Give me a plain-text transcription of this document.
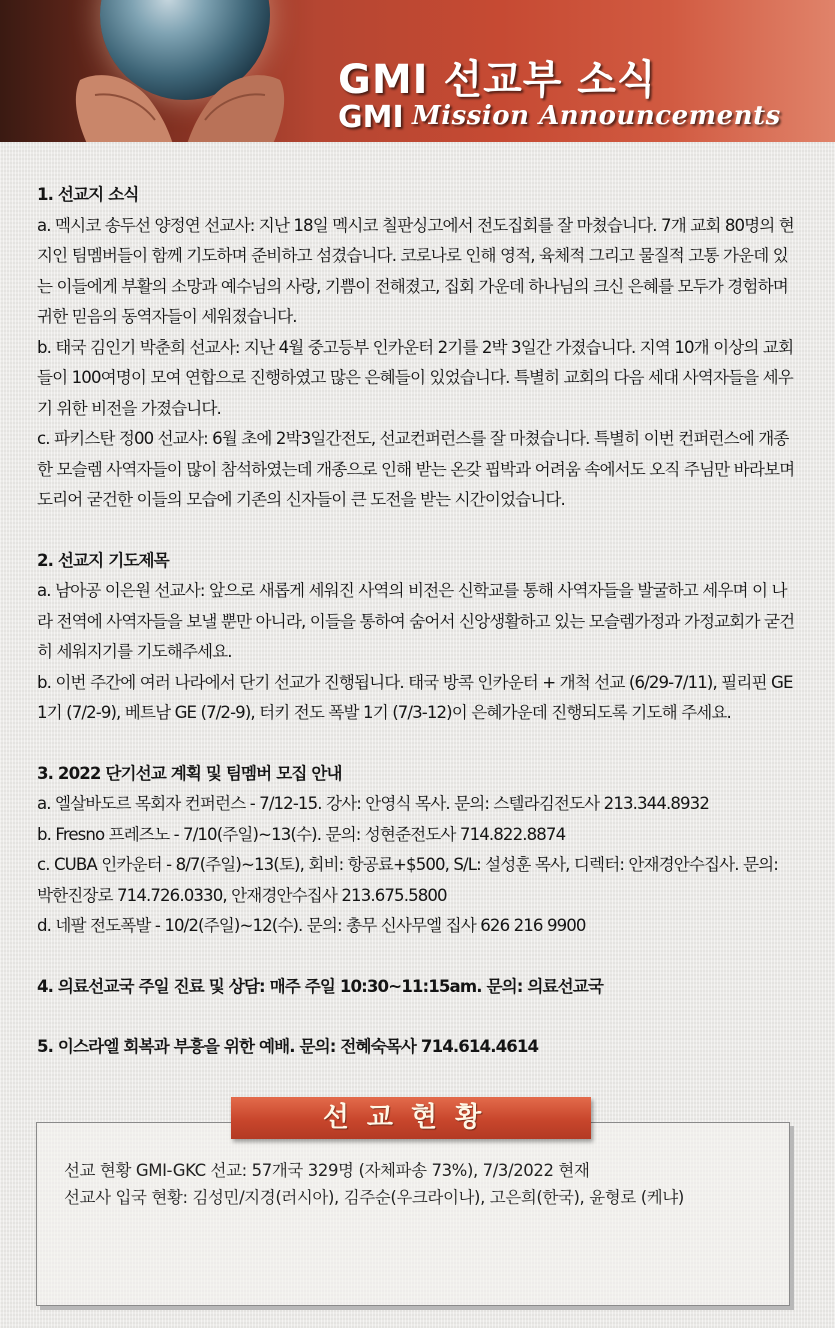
GMI 선교부 소식
GMI Mission Announcements
1. 선교지 소식

a. 멕시코 송두선 양정연 선교사: 지난 18일 멕시코 칠판싱고에서 전도집회를 잘 마쳤습니다. 7개 교회 80명의 현지인 팀멤버들이 함께 기도하며 준비하고 섬겼습니다. 코로나로 인해 영적, 육체적 그리고 물질적 고통 가운데 있는 이들에게 부활의 소망과 예수님의 사랑, 기쁨이 전해졌고, 집회 가운데 하나님의 크신 은혜를 모두가 경험하며 귀한 믿음의 동역자들이 세워졌습니다.

b. 태국 김인기 박춘희 선교사: 지난 4월 중고등부 인카운터 2기를 2박 3일간 가졌습니다. 지역 10개 이상의 교회들이 100여명이 모여 연합으로 진행하였고 많은 은혜들이 있었습니다. 특별히 교회의 다음 세대 사역자들을 세우기 위한 비전을 가졌습니다.

c. 파키스탄 정00 선교사: 6월 초에 2박3일간전도, 선교컨퍼런스를 잘 마쳤습니다. 특별히 이번 컨퍼런스에 개종한 모슬렘 사역자들이 많이 참석하였는데 개종으로 인해 받는 온갖 핍박과 어려움 속에서도 오직 주님만 바라보며 도리어 굳건한 이들의 모습에 기존의 신자들이 큰 도전을 받는 시간이었습니다.

2. 선교지 기도제목

a. 남아공 이은원 선교사: 앞으로 새롭게 세워진 사역의 비전은 신학교를 통해 사역자들을 발굴하고 세우며 이 나라 전역에 사역자들을 보낼 뿐만 아니라, 이들을 통하여 숨어서 신앙생활하고 있는 모슬렘가정과 가정교회가 굳건히 세워지기를 기도해주세요.

b. 이번 주간에 여러 나라에서 단기 선교가 진행됩니다. 태국 방콕 인카운터 + 개척 선교 (6/29-7/11), 필리핀 GE 1기 (7/2-9), 베트남 GE (7/2-9), 터키 전도 폭발 1기 (7/3-12)이 은혜가운데 진행되도록 기도해 주세요.

3. 2022 단기선교 계획 및 팀멤버 모집 안내

a. 엘살바도르 목회자 컨퍼런스 - 7/12-15. 강사: 안영식 목사. 문의: 스텔라김전도사 213.344.8932

b. Fresno 프레즈노 - 7/10(주일)~13(수). 문의: 성현준전도사 714.822.8874

c. CUBA 인카운터 - 8/7(주일)~13(토), 회비: 항공료+$500, S/L: 설성훈 목사, 디렉터: 안재경안수집사. 문의: 박한진장로 714.726.0330, 안재경안수집사 213.675.5800

d. 네팔 전도폭발 - 10/2(주일)~12(수). 문의: 총무 신사무엘 집사 626 216 9900

4. 의료선교국 주일 진료 및 상담: 매주 주일 10:30~11:15am. 문의: 의료선교국

5. 이스라엘 회복과 부흥을 위한 예배. 문의: 전혜숙목사 714.614.4614

선교현황
선교 현황 GMI-GKC 선교: 57개국 329명 (자체파송 73%), 7/3/2022 현재
선교사 입국 현황: 김성민/지경(러시아), 김주순(우크라이나), 고은희(한국), 윤형로 (케냐)
